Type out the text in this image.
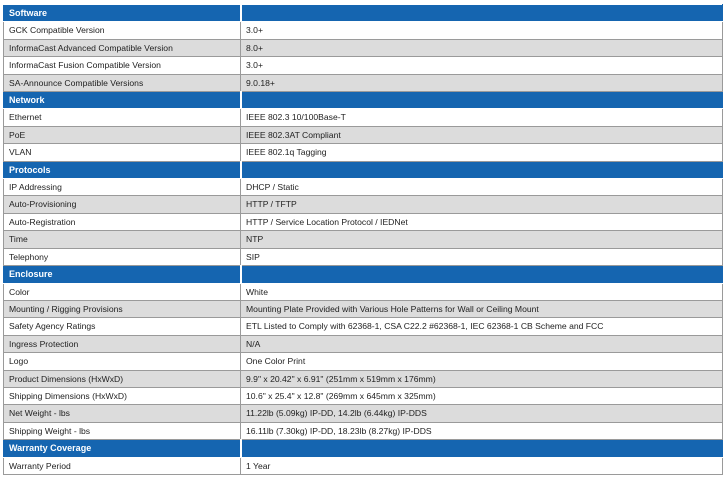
Software	
GCK Compatible Version	3.0+
InformaCast Advanced Compatible Version	8.0+
InformaCast Fusion Compatible Version	3.0+
SA-Announce Compatible Versions	9.0.18+
Network	
Ethernet	IEEE 802.3 10/100Base-T
PoE	IEEE 802.3AT Compliant
VLAN	IEEE 802.1q Tagging
Protocols	
IP Addressing	DHCP / Static
Auto-Provisioning	HTTP / TFTP
Auto-Registration	HTTP / Service Location Protocol / IEDNet
Time	NTP
Telephony	SIP
Enclosure	
Color	White
Mounting / Rigging Provisions	Mounting Plate Provided with Various Hole Patterns for Wall or Ceiling Mount
Safety Agency Ratings	ETL Listed to Comply with 62368-1, CSA C22.2 #62368-1, IEC 62368-1 CB Scheme and FCC
Ingress Protection	N/A
Logo	One Color Print
Product Dimensions (HxWxD)	9.9" x 20.42" x 6.91" (251mm x 519mm x 176mm)
Shipping Dimensions (HxWxD)	10.6" x 25.4" x 12.8" (269mm x 645mm x 325mm)
Net Weight - lbs	11.22lb (5.09kg) IP-DD, 14.2lb (6.44kg) IP-DDS
Shipping Weight - lbs	16.11lb (7.30kg) IP-DD, 18.23lb (8.27kg) IP-DDS
Warranty Coverage	
Warranty Period	1 Year
